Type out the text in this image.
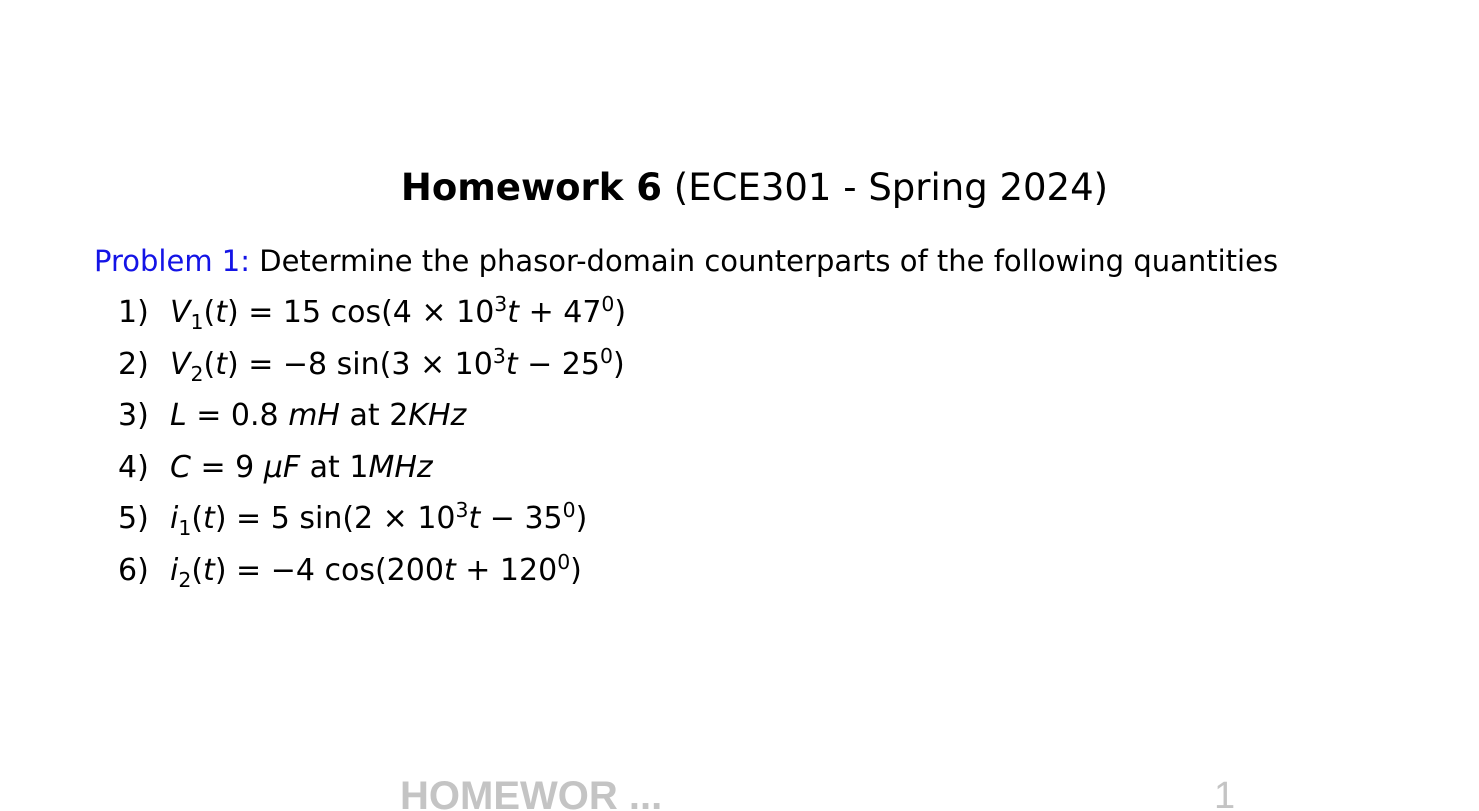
Homework 6 (ECE301 - Spring 2024)
Problem 1: Determine the phasor-domain counterparts of the following quantities
1) $V_1(t) = 15$ $\cos(4 \times 10^3t + 47^0)$
2) $V_2(t) = -8$ $\sin(3 \times 10^3t - 25^0)$
3) L = 0.8 mH at 2KHz
4) C = 9 μF at 1MHz
5) $i_1(t) = 5$ $\sin(2 \times 10^3t - 35^0)$
6) $i_2(t) = -4$ $\cos(200t + 120^0)$
HOMEWOR ...	1
